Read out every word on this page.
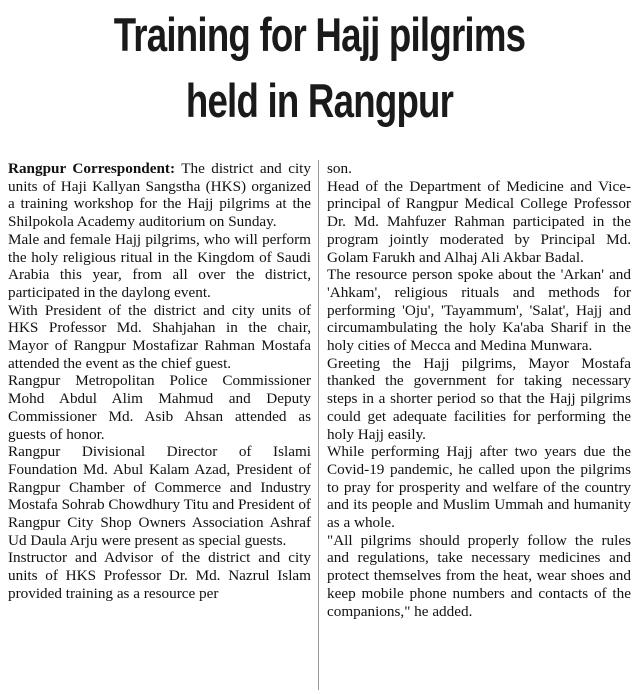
Training for Hajj pilgrims
held in Rangpur

Rangpur Correspondent: The district and city units of Haji Kallyan Sangstha (HKS) organized a training workshop for the Hajj pilgrims at the Shilpokola Academy auditorium on Sunday.

Male and female Hajj pilgrims, who will perform the holy religious ritual in the Kingdom of Saudi Arabia this year, from all over the district, participated in the daylong event.

With President of the district and city units of HKS Professor Md. Shahjahan in the chair, Mayor of Rangpur Mostafizar Rahman Mostafa attended the event as the chief guest.

Rangpur Metropolitan Police Commissioner Mohd Abdul Alim Mahmud and Deputy Commissioner Md. Asib Ahsan attended as guests of honor.

Rangpur Divisional Director of Islami Foundation Md. Abul Kalam Azad, President of Rangpur Chamber of Commerce and Industry Mostafa Sohrab Chowdhury Titu and President of Rangpur City Shop Owners Association Ashraf Ud Daula Arju were present as special guests.

Instructor and Advisor of the district and city units of HKS Professor Dr. Md. Nazrul Islam provided training as a resource per

son.

Head of the Department of Medicine and Vice-principal of Rangpur Medical College Professor Dr. Md. Mahfuzer Rahman participated in the program jointly moderated by Principal Md. Golam Farukh and Alhaj Ali Akbar Badal.

The resource person spoke about the 'Arkan' and 'Ahkam', religious rituals and methods for performing 'Oju', 'Tayammum', 'Salat', Hajj and circumambulating the holy Ka'aba Sharif in the holy cities of Mecca and Medina Munwara.

Greeting the Hajj pilgrims, Mayor Mostafa thanked the government for taking necessary steps in a shorter period so that the Hajj pilgrims could get adequate facilities for performing the holy Hajj easily.

While performing Hajj after two years due the Covid-19 pandemic, he called upon the pilgrims to pray for prosperity and welfare of the country and its people and Muslim Ummah and humanity as a whole.

"All pilgrims should properly follow the rules and regulations, take necessary medicines and protect themselves from the heat, wear shoes and keep mobile phone numbers and contacts of the companions," he added.
